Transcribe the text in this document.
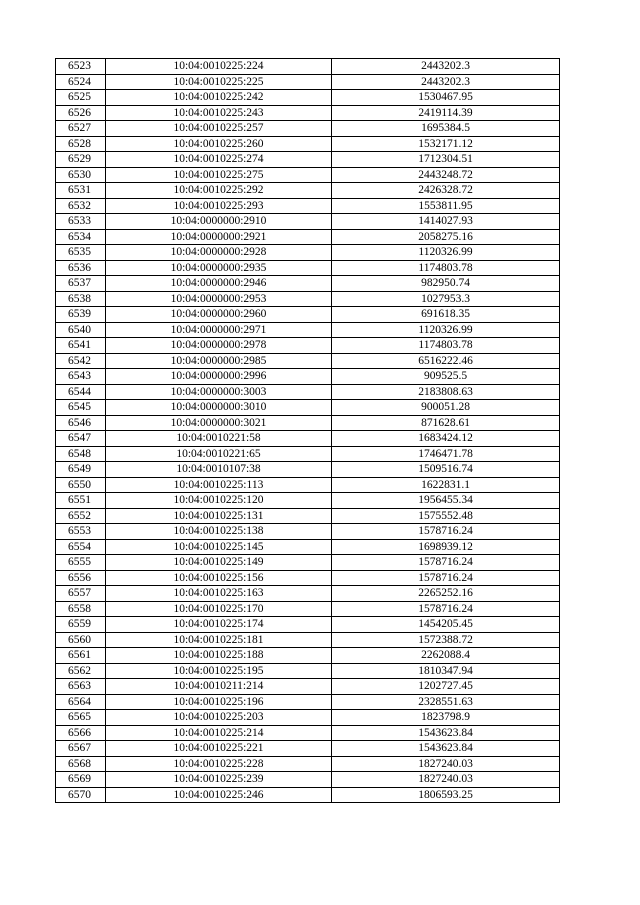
6523	10:04:0010225:224	2443202.3
6524	10:04:0010225:225	2443202.3
6525	10:04:0010225:242	1530467.95
6526	10:04:0010225:243	2419114.39
6527	10:04:0010225:257	1695384.5
6528	10:04:0010225:260	1532171.12
6529	10:04:0010225:274	1712304.51
6530	10:04:0010225:275	2443248.72
6531	10:04:0010225:292	2426328.72
6532	10:04:0010225:293	1553811.95
6533	10:04:0000000:2910	1414027.93
6534	10:04:0000000:2921	2058275.16
6535	10:04:0000000:2928	1120326.99
6536	10:04:0000000:2935	1174803.78
6537	10:04:0000000:2946	982950.74
6538	10:04:0000000:2953	1027953.3
6539	10:04:0000000:2960	691618.35
6540	10:04:0000000:2971	1120326.99
6541	10:04:0000000:2978	1174803.78
6542	10:04:0000000:2985	6516222.46
6543	10:04:0000000:2996	909525.5
6544	10:04:0000000:3003	2183808.63
6545	10:04:0000000:3010	900051.28
6546	10:04:0000000:3021	871628.61
6547	10:04:0010221:58	1683424.12
6548	10:04:0010221:65	1746471.78
6549	10:04:0010107:38	1509516.74
6550	10:04:0010225:113	1622831.1
6551	10:04:0010225:120	1956455.34
6552	10:04:0010225:131	1575552.48
6553	10:04:0010225:138	1578716.24
6554	10:04:0010225:145	1698939.12
6555	10:04:0010225:149	1578716.24
6556	10:04:0010225:156	1578716.24
6557	10:04:0010225:163	2265252.16
6558	10:04:0010225:170	1578716.24
6559	10:04:0010225:174	1454205.45
6560	10:04:0010225:181	1572388.72
6561	10:04:0010225:188	2262088.4
6562	10:04:0010225:195	1810347.94
6563	10:04:0010211:214	1202727.45
6564	10:04:0010225:196	2328551.63
6565	10:04:0010225:203	1823798.9
6566	10:04:0010225:214	1543623.84
6567	10:04:0010225:221	1543623.84
6568	10:04:0010225:228	1827240.03
6569	10:04:0010225:239	1827240.03
6570	10:04:0010225:246	1806593.25
